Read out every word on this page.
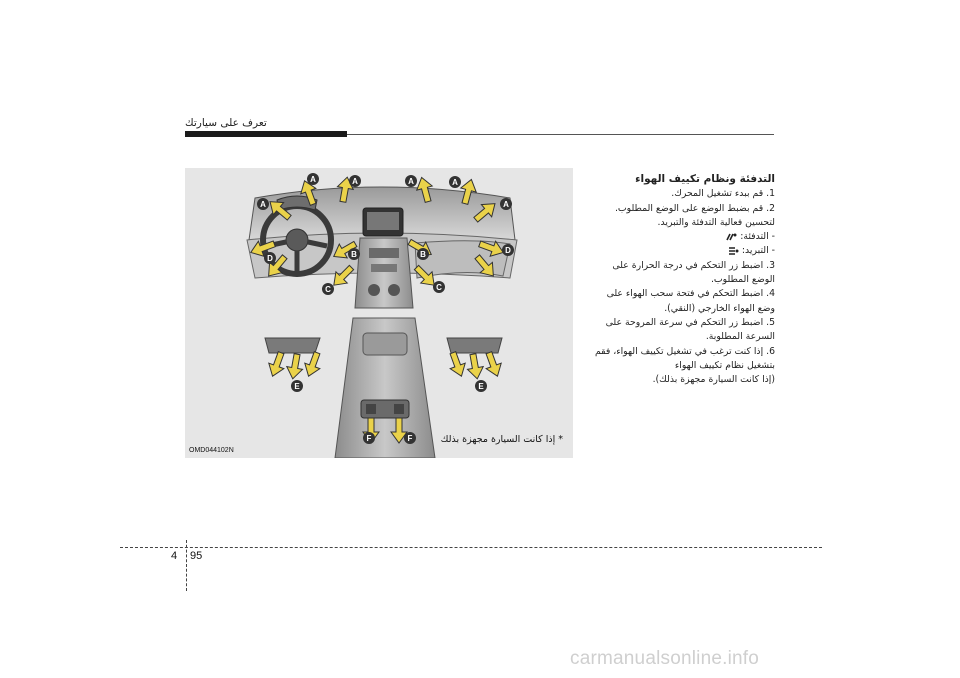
تعرف على سيارتك
A	A	A	A
A	A
B	B
C	C
D
D
E	E
F	F
OMD044102N
* إذا كانت السيارة مجهزة بذلك
التدفئة ونظام تكييف الهواء
1. قم ببدء تشغيل المحرك.
2. قم بضبط الوضع على الوضع المطلوب.
لتحسين فعالية التدفئة والتبريد.
- التدفئة:
- التبريد:
3. اضبط زر التحكم في درجة الحرارة على
الوضع المطلوب.
4. اضبط التحكم في فتحة سحب الهواء على
وضع الهواء الخارجي (النقي).
5. اضبط زر التحكم في سرعة المروحة على
السرعة المطلوبة.
6. إذا كنت ترغب في تشغيل تكييف الهواء، فقم
بتشغيل نظام تكييف الهواء
(إذا كانت السيارة مجهزة بذلك).
4 95
carmanualsonline.info
